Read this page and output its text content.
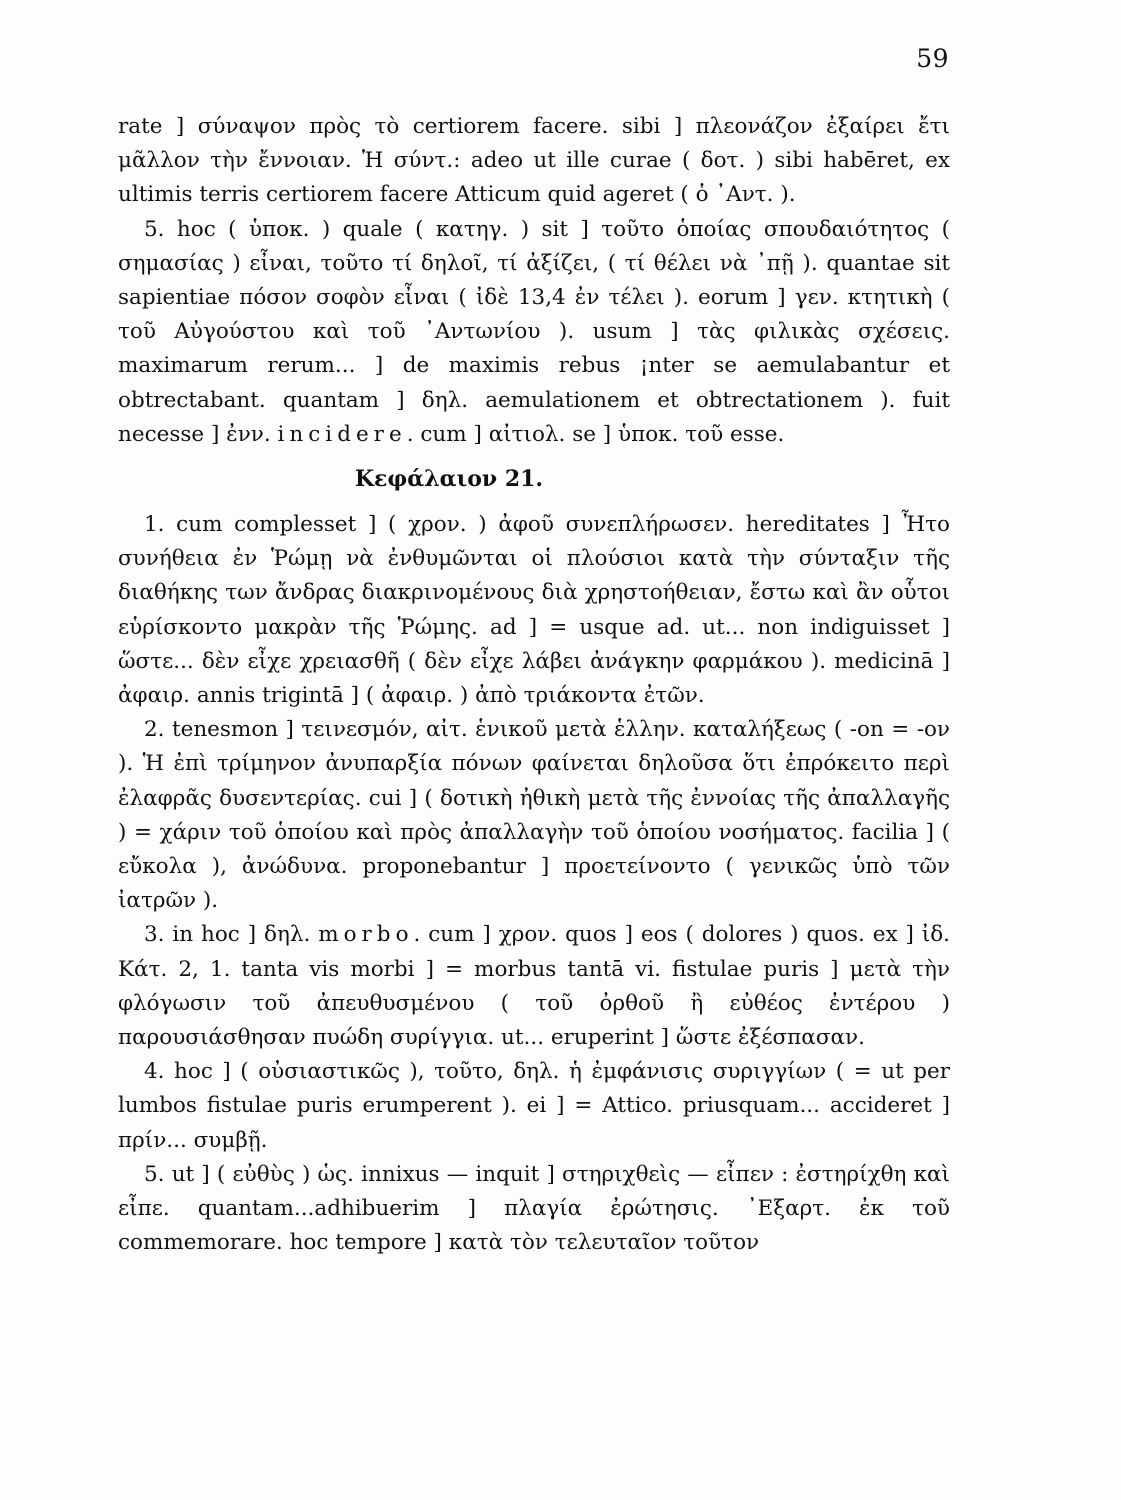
59

rate ] σύναψον πρὸς τὸ certiorem facere. sibi ] πλεονάζον ἐξαίρει ἔτι μᾶλλον τὴν ἔννοιαν. Ἡ σύντ.: adeo ut ille curae ( δοτ. ) sibi habēret, ex ultimis terris certiorem facere Atticum quid ageret ( ὁ ᾿Αντ. ).

5. hoc ( ὑποκ. ) quale ( κατηγ. ) sit ] τοῦτο ὁποίας σπουδαιότητος ( σημασίας ) εἶναι, τοῦτο τί δηλοῖ, τί ἀξίζει, ( τί θέλει νὰ ᾽πῇ ). quantae sit sapientiae πόσον σοφὸν εἶναι ( ἰδὲ 13,4 ἐν τέλει ). eorum ] γεν. κτητικὴ ( τοῦ Αὐγούστου καὶ τοῦ ᾿Αντωνίου ). usum ] τὰς φιλικὰς σχέσεις. maximarum rerum... ] de maximis rebus ¡nter se aemulabantur et obtrectabant. quantam ] δηλ. aemulationem et obtrectationem ). fuit necesse ] ἐνν. incidere. cum ] αἰτιολ. se ] ὑποκ. τοῦ esse.

Κεφάλαιον 21.

1. cum complesset ] ( χρον. ) ἀφοῦ συνεπλήρωσεν. hereditates ] Ἦτο συνήθεια ἐν Ῥώμῃ νὰ ἐνθυμῶνται οἱ πλούσιοι κατὰ τὴν σύνταξιν τῆς διαθήκης των ἄνδρας διακρινομένους διὰ χρηστοήθειαν, ἔστω καὶ ἂν οὗτοι εὑρίσκοντο μακρὰν τῆς Ῥώμης. ad ] = usque ad. ut... non indiguisset ] ὥστε... δὲν εἶχε χρειασθῆ ( δὲν εἶχε λάβει ἀνάγκην φαρμάκου ). medicinā ] ἀφαιρ. annis trigintā ] ( ἀφαιρ. ) ἀπὸ τριάκοντα ἐτῶν.

2. tenesmon ] τεινεσμόν, αἰτ. ἑνικοῦ μετὰ ἑλλην. καταλήξεως ( -on = -ον ). Ἡ ἐπὶ τρίμηνον ἀνυπαρξία πόνων φαίνεται δηλοῦσα ὅτι ἐπρόκειτο περὶ ἐλαφρᾶς δυσεντερίας. cui ] ( δοτικὴ ἠθικὴ μετὰ τῆς ἐννοίας τῆς ἀπαλλαγῆς ) = χάριν τοῦ ὁποίου καὶ πρὸς ἀπαλλαγὴν τοῦ ὁποίου νοσήματος. facilia ] ( εὔκολα ), ἀνώδυνα. proponebantur ] προετείνοντο ( γενικῶς ὑπὸ τῶν ἰατρῶν ).

3. in hoc ] δηλ. morbo. cum ] χρον. quos ] eos ( dolores ) quos. ex ] ἰδ. Κάτ. 2, 1. tanta vis morbi ] = morbus tantā vi. fistulae puris ] μετὰ τὴν φλόγωσιν τοῦ ἀπευθυσμένου ( τοῦ ὀρθοῦ ἢ εὐθέος ἐντέρου ) παρουσιάσθησαν πυώδη συρίγγια. ut... eruperint ] ὥστε ἐξέσπασαν.

4. hoc ] ( οὐσιαστικῶς ), τοῦτο, δηλ. ἡ ἐμφάνισις συριγγίων ( = ut per lumbos fistulae puris erumperent ). ei ] = Attico. priusquam... accideret ] πρίν... συμβῇ.

5. ut ] ( εὐθὺς ) ὡς. innixus — inquit ] στηριχθεὶς — εἶπεν : ἐστηρίχθη καὶ εἶπε. quantam...adhibuerim ] πλαγία ἐρώτησις. ᾿Εξαρτ. ἐκ τοῦ commemorare. hoc tempore ] κατὰ τὸν τελευταῖον τοῦτον
